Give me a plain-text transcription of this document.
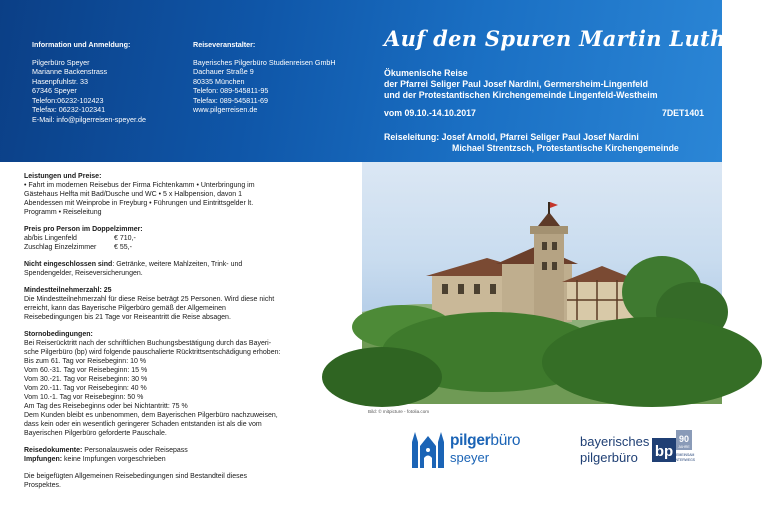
Information und Anmeldung:
Pilgerbüro Speyer
Marianne Backenstrass
Hasenpfuhlstr. 33
67346 Speyer
Telefon:06232-102423
Telefax: 06232-102341
E-Mail: info@pilgerreisen-speyer.de
Reiseveranstalter:
Bayerisches Pilgerbüro Studienreisen GmbH
Dachauer Straße 9
80335 München
Telefon: 089-545811-95
Telefax: 089-545811-69
www.pilgerreisen.de
Auf den Spuren Martin Luthers
Ökumenische Reise
der Pfarrei Seliger Paul Josef Nardini, Germersheim-Lingenfeld
und der Protestantischen Kirchengemeinde Lingenfeld-Westheim
vom 09.10.-14.10.2017	7DET1401
Reiseleitung: Josef Arnold, Pfarrei Seliger Paul Josef Nardini
Michael Strentzsch, Protestantische Kirchengemeinde
Leistungen und Preise:
• Fahrt im modernen Reisebus der Firma Fichtenkamm • Unterbringung im
Gästehaus Helfta mit Bad/Dusche und WC • 5 x Halbpension, davon 1
Abendessen mit Weinprobe in Freyburg • Führungen und Eintrittsgelder lt.
Programm • Reiseleitung
Preis pro Person im Doppelzimmer:
ab/bis Lingenfeld	€ 710,-
Zuschlag Einzelzimmer	€ 55,-
Nicht eingeschlossen sind: Getränke, weitere Mahlzeiten, Trink- und
Spendengelder, Reiseversicherungen.
Mindestteilnehmerzahl: 25
Die Mindestteilnehmerzahl für diese Reise beträgt 25 Personen. Wird diese nicht
erreicht, kann das Bayerische Pilgerbüro gemäß der Allgemeinen
Reisebedingungen bis 21 Tage vor Reiseantritt die Reise absagen.
Stornobedingungen:
Bei Reiserücktritt nach der schriftlichen Buchungsbestätigung durch das Bayeri-
sche Pilgerbüro (bp) wird folgende pauschalierte Rücktrittsentschädigung erhoben:
Bis zum 61. Tag vor Reisebeginn: 10 %
Vom 60.-31. Tag vor Reisebeginn: 15 %
Vom 30.-21. Tag vor Reisebeginn: 30 %
Vom 20.-11. Tag vor Reisebeginn: 40 %
Vom 10.-1. Tag vor Reisebeginn: 50 %
Am Tag des Reisebeginns oder bei Nichtantritt: 75 %
Dem Kunden bleibt es unbenommen, dem Bayerischen Pilgerbüro nachzuweisen,
dass kein oder ein wesentlich geringerer Schaden entstanden ist als die vom
Bayerischen Pilgerbüro geforderte Pauschale.
Reisedokumente: Personalausweis oder Reisepass
Impfungen: keine Impfungen vorgeschrieben
Die beigefügten Allgemeinen Reisebedingungen sind Bestandteil dieses
Prospektes.
Bild: © mitpicture - fotolia.com
pilgerbüro
speyer
bayerisches
pilgerbüro bp
90
JAHRE
GEMEINSAM
UNTERWEGS
